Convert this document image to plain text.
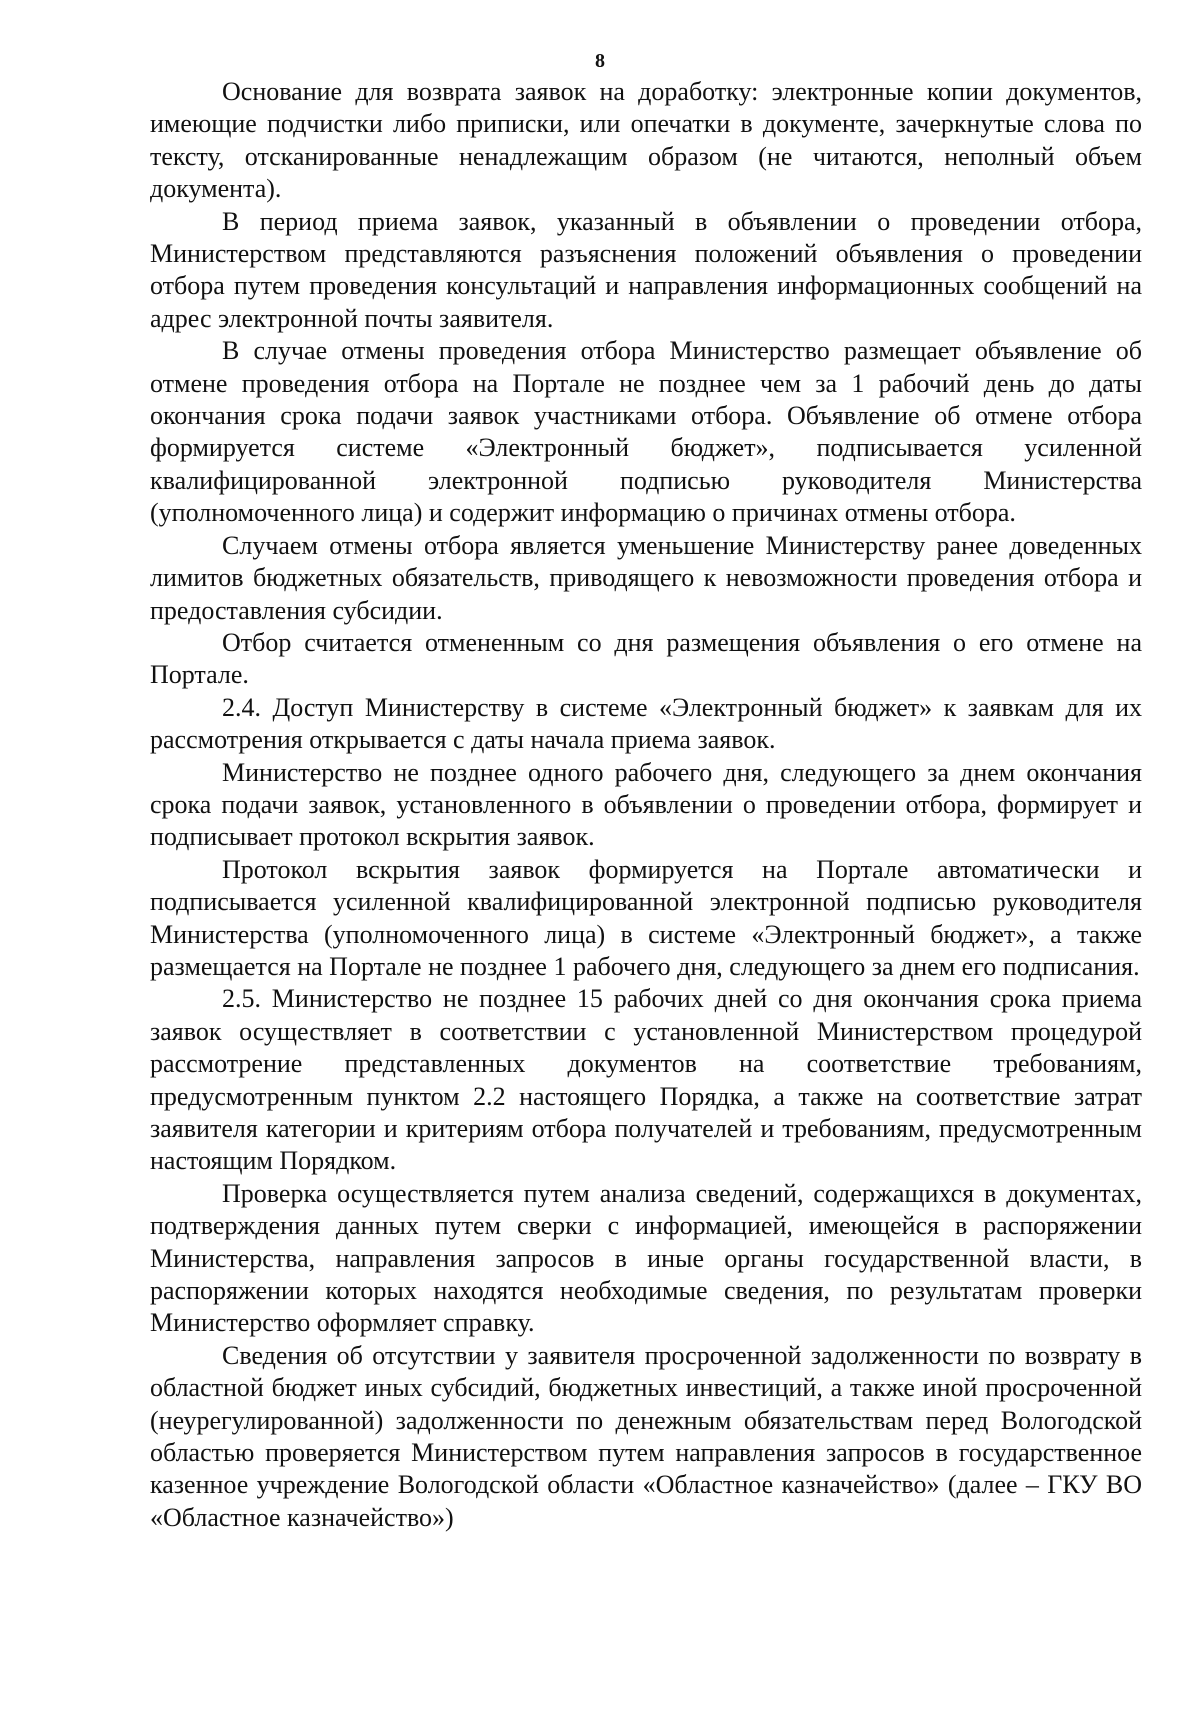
8

Основание для возврата заявок на доработку: электронные копии документов, имеющие подчистки либо приписки, или опечатки в документе, зачеркнутые слова по тексту, отсканированные ненадлежащим образом (не читаются, неполный объем документа).

В период приема заявок, указанный в объявлении о проведении отбора, Министерством представляются разъяснения положений объявления о проведении отбора путем проведения консультаций и направления информационных сообщений на адрес электронной почты заявителя.

В случае отмены проведения отбора Министерство размещает объявление об отмене проведения отбора на Портале не позднее чем за 1 рабочий день до даты окончания срока подачи заявок участниками отбора. Объявление об отмене отбора формируется системе «Электронный бюджет», подписывается усиленной квалифицированной электронной подписью руководителя Министерства (уполномоченного лица) и содержит информацию о причинах отмены отбора.

Случаем отмены отбора является уменьшение Министерству ранее доведенных лимитов бюджетных обязательств, приводящего к невозможности проведения отбора и предоставления субсидии.

Отбор считается отмененным со дня размещения объявления о его отмене на Портале.

2.4. Доступ Министерству в системе «Электронный бюджет» к заявкам для их рассмотрения открывается с даты начала приема заявок.

Министерство не позднее одного рабочего дня, следующего за днем окончания срока подачи заявок, установленного в объявлении о проведении отбора, формирует и подписывает протокол вскрытия заявок.

Протокол вскрытия заявок формируется на Портале автоматически и подписывается усиленной квалифицированной электронной подписью руководителя Министерства (уполномоченного лица) в системе «Электронный бюджет», а также размещается на Портале не позднее 1 рабочего дня, следующего за днем его подписания.

2.5. Министерство не позднее 15 рабочих дней со дня окончания срока приема заявок осуществляет в соответствии с установленной Министерством процедурой рассмотрение представленных документов на соответствие требованиям, предусмотренным пунктом 2.2 настоящего Порядка, а также на соответствие затрат заявителя категории и критериям отбора получателей и требованиям, предусмотренным настоящим Порядком.

Проверка осуществляется путем анализа сведений, содержащихся в документах, подтверждения данных путем сверки с информацией, имеющейся в распоряжении Министерства, направления запросов в иные органы государственной власти, в распоряжении которых находятся необходимые сведения, по результатам проверки Министерство оформляет справку.

Сведения об отсутствии у заявителя просроченной задолженности по возврату в областной бюджет иных субсидий, бюджетных инвестиций, а также иной просроченной (неурегулированной) задолженности по денежным обязательствам перед Вологодской областью проверяется Министерством путем направления запросов в государственное казенное учреждение Вологодской области «Областное казначейство» (далее – ГКУ ВО «Областное казначейство»)
